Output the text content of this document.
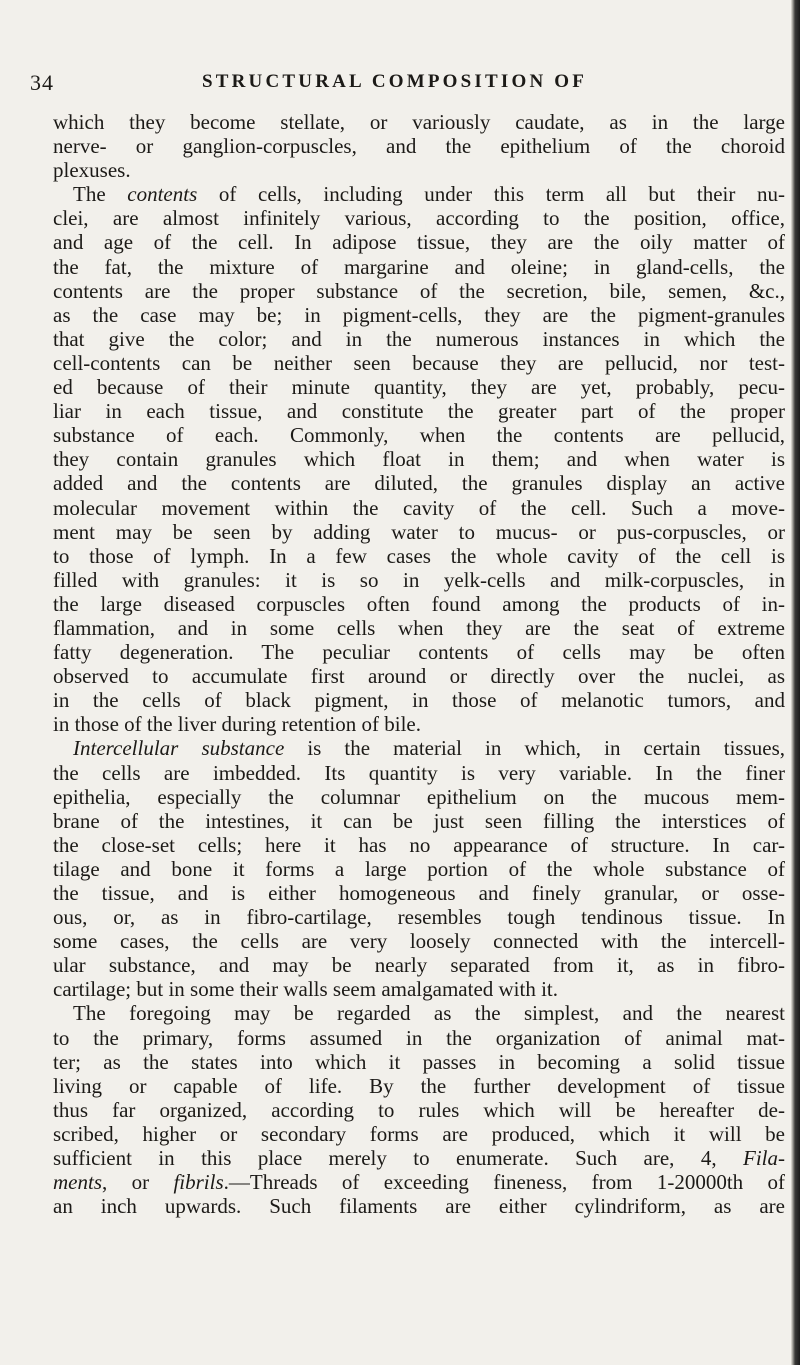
34	STRUCTURAL COMPOSITION OF
which they become stellate, or variously caudate, as in the large
nerve- or ganglion-corpuscles, and the epithelium of the choroid
plexuses.
The contents of cells, including under this term all but their nu-
clei, are almost infinitely various, according to the position, office,
and age of the cell. In adipose tissue, they are the oily matter of
the fat, the mixture of margarine and oleine; in gland-cells, the
contents are the proper substance of the secretion, bile, semen, &c.,
as the case may be; in pigment-cells, they are the pigment-granules
that give the color; and in the numerous instances in which the
cell-contents can be neither seen because they are pellucid, nor test-
ed because of their minute quantity, they are yet, probably, pecu-
liar in each tissue, and constitute the greater part of the proper
substance of each. Commonly, when the contents are pellucid,
they contain granules which float in them; and when water is
added and the contents are diluted, the granules display an active
molecular movement within the cavity of the cell. Such a move-
ment may be seen by adding water to mucus- or pus-corpuscles, or
to those of lymph. In a few cases the whole cavity of the cell is
filled with granules: it is so in yelk-cells and milk-corpuscles, in
the large diseased corpuscles often found among the products of in-
flammation, and in some cells when they are the seat of extreme
fatty degeneration. The peculiar contents of cells may be often
observed to accumulate first around or directly over the nuclei, as
in the cells of black pigment, in those of melanotic tumors, and
in those of the liver during retention of bile.
Intercellular substance is the material in which, in certain tissues,
the cells are imbedded. Its quantity is very variable. In the finer
epithelia, especially the columnar epithelium on the mucous mem-
brane of the intestines, it can be just seen filling the interstices of
the close-set cells; here it has no appearance of structure. In car-
tilage and bone it forms a large portion of the whole substance of
the tissue, and is either homogeneous and finely granular, or osse-
ous, or, as in fibro-cartilage, resembles tough tendinous tissue. In
some cases, the cells are very loosely connected with the intercell-
ular substance, and may be nearly separated from it, as in fibro-
cartilage; but in some their walls seem amalgamated with it.
The foregoing may be regarded as the simplest, and the nearest
to the primary, forms assumed in the organization of animal mat-
ter; as the states into which it passes in becoming a solid tissue
living or capable of life. By the further development of tissue
thus far organized, according to rules which will be hereafter de-
scribed, higher or secondary forms are produced, which it will be
sufficient in this place merely to enumerate. Such are, 4, Fila-
ments, or fibrils.—Threads of exceeding fineness, from 1-20000th of
an inch upwards. Such filaments are either cylindriform, as are
